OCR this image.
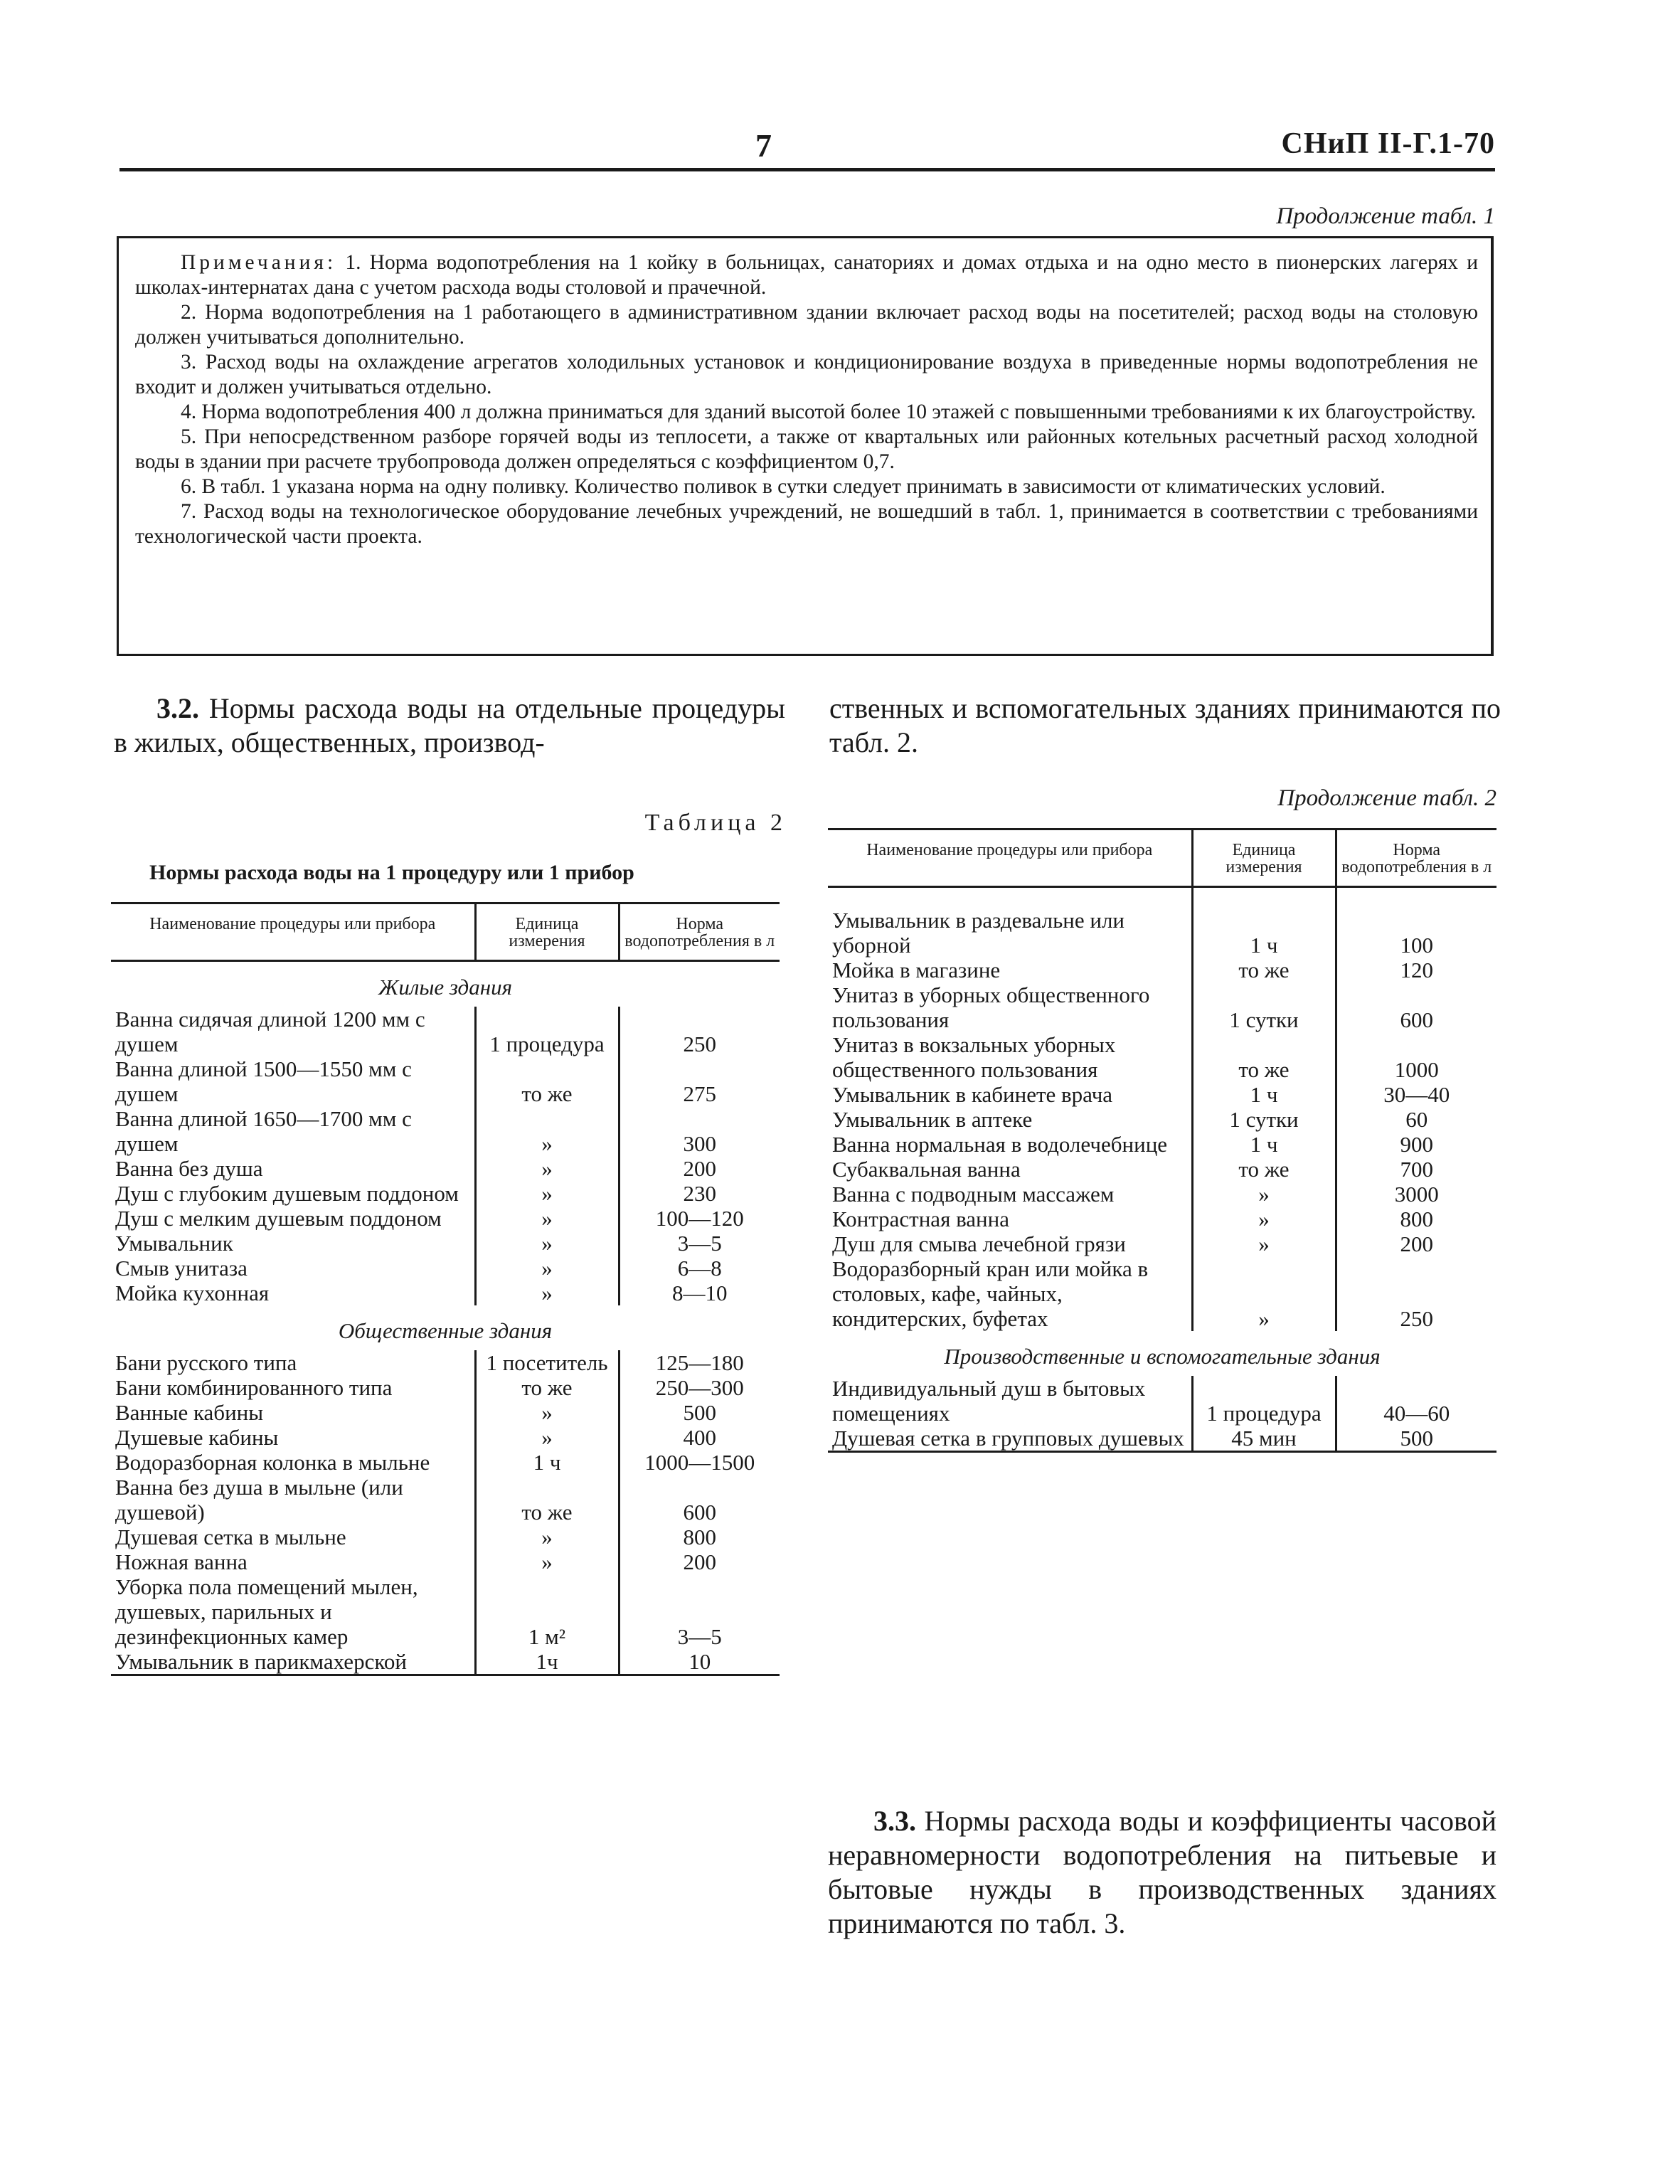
7	СНиП II-Г.1-70
Продолжение табл. 1

Примечания: 1. Норма водопотребления на 1 койку в больницах, санаториях и домах отдыха и на одно место в пионерских лагерях и школах-интернатах дана с учетом расхода воды столовой и прачечной.

2. Норма водопотребления на 1 работающего в административном здании включает расход воды на посетителей; расход воды на столовую должен учитываться дополнительно.

3. Расход воды на охлаждение агрегатов холодильных установок и кондиционирование воздуха в приведенные нормы водопотребления не входит и должен учитываться отдельно.

4. Норма водопотребления 400 л должна приниматься для зданий высотой более 10 этажей с повышенными требованиями к их благоустройству.

5. При непосредственном разборе горячей воды из теплосети, а также от квартальных или районных котельных расчетный расход холодной воды в здании при расчете трубопровода должен определяться с коэффициентом 0,7.

6. В табл. 1 указана норма на одну поливку. Количество поливок в сутки следует принимать в зависимости от климатических условий.

7. Расход воды на технологическое оборудование лечебных учреждений, не вошедший в табл. 1, принимается в соответствии с требованиями технологической части проекта.

3.2. Нормы расхода воды на отдельные процедуры в жилых, общественных, производ-

ственных и вспомогательных зданиях принимаются по табл. 2.

Таблица 2
Нормы расхода воды на 1 процедуру или 1 прибор
Продолжение табл. 2
Наименование процедуры или прибора	Единица измерения	Норма водопотребления в л
Жилые здания		
Ванна сидячая длиной 1200 мм с душем	1 процедура	250
Ванна длиной 1500—1550 мм с душем	то же	275
Ванна длиной 1650—1700 мм с душем	»	300
Ванна без душа	»	200
Душ с глубоким душевым поддоном	»	230
Душ с мелким душевым поддоном	»	100—120
Умывальник	»	3—5
Смыв унитаза	»	6—8
Мойка кухонная	»	8—10
Общественные здания		
Бани русского типа	1 посетитель	125—180
Бани комбинированного типа	то же	250—300
Ванные кабины	»	500
Душевые кабины	»	400
Водоразборная колонка в мыльне	1 ч	1000—1500
Ванна без душа в мыльне (или душевой)	то же	600
Душевая сетка в мыльне	»	800
Ножная ванна	»	200
Уборка пола помещений мылен, душевых, парильных и дезинфекционных камер	1 м²	3—5
Умывальник в парикмахерской	1ч	10
Наименование процедуры или прибора	Единица измерения	Норма водопотребления в л

Умывальник в раздевальне или уборной	1 ч	100
Мойка в магазине	то же	120
Унитаз в уборных общественного пользования	1 сутки	600
Унитаз в вокзальных уборных общественного пользования	то же	1000
Умывальник в кабинете врача	1 ч	30—40
Умывальник в аптеке	1 сутки	60
Ванна нормальная в водолечебнице	1 ч	900
Субаквальная ванна	то же	700
Ванна с подводным массажем	»	3000
Контрастная ванна	»	800
Душ для смыва лечебной грязи	»	200
Водоразборный кран или мойка в столовых, кафе, чайных, кондитерских, буфетах	»	250
Производственные и вспомогательные здания		
Индивидуальный душ в бытовых помещениях	1 процедура	40—60
Душевая сетка в групповых душевых	45 мин	500

3.3. Нормы расхода воды и коэффициенты часовой неравномерности водопотребления на питьевые и бытовые нужды в производственных зданиях принимаются по табл. 3.
